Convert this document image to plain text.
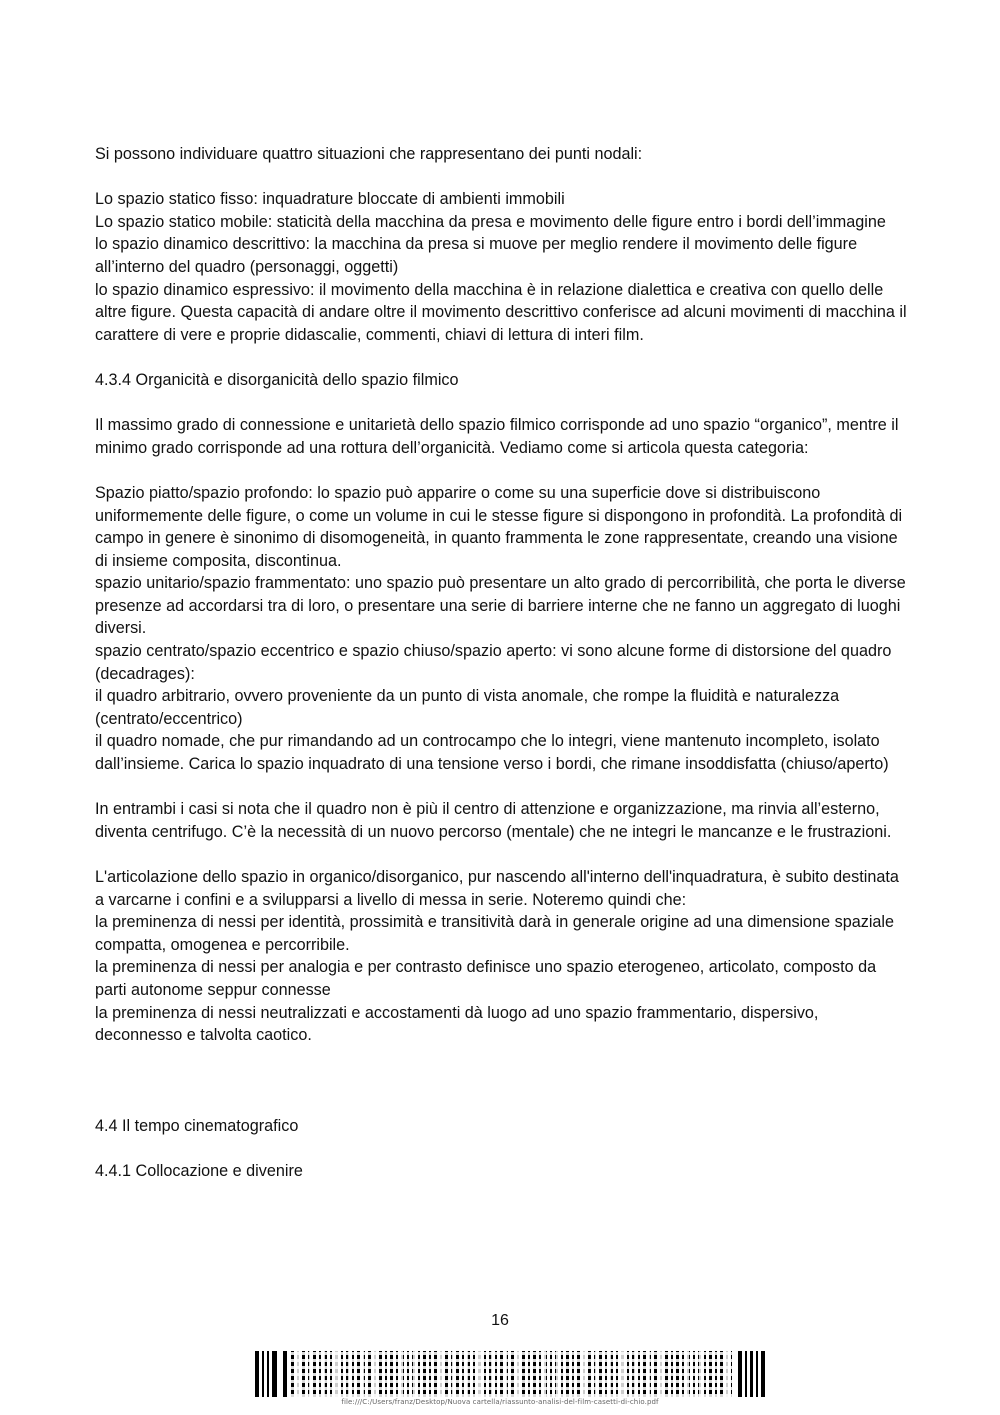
Si possono individuare quattro situazioni che rappresentano dei punti nodali:

Lo spazio statico fisso: inquadrature bloccate di ambienti immobili

Lo spazio statico mobile: staticità della macchina da presa e movimento delle figure entro i bordi dell’immagine

lo spazio dinamico descrittivo: la macchina da presa si muove per meglio rendere il movimento delle figure all’interno del quadro (personaggi, oggetti)

lo spazio dinamico espressivo: il movimento della macchina è in relazione dialettica e creativa con quello delle altre figure. Questa capacità di andare oltre il movimento descrittivo conferisce ad alcuni movimenti di macchina il carattere di vere e proprie didascalie, commenti, chiavi di lettura di interi film.

4.3.4 Organicità e disorganicità dello spazio filmico

Il massimo grado di connessione e unitarietà dello spazio filmico corrisponde ad uno spazio “organico”, mentre il minimo grado corrisponde ad una rottura dell’organicità. Vediamo come si articola questa categoria:

Spazio piatto/spazio profondo: lo spazio può apparire o come su una superficie dove si distribuiscono uniformemente delle figure, o come un volume in cui le stesse figure si dispongono in profondità. La profondità di campo in genere è sinonimo di disomogeneità, in quanto frammenta le zone rappresentate, creando una visione di insieme composita, discontinua.

spazio unitario/spazio frammentato: uno spazio può presentare un alto grado di percorribilità, che porta le diverse presenze ad accordarsi tra di loro, o presentare una serie di barriere interne che ne fanno un aggregato di luoghi diversi.

spazio centrato/spazio eccentrico e spazio chiuso/spazio aperto: vi sono alcune forme di distorsione del quadro (decadrages):

il quadro arbitrario, ovvero proveniente da un punto di vista anomale, che rompe la fluidità e naturalezza (centrato/eccentrico)

il quadro nomade, che pur rimandando ad un controcampo che lo integri, viene mantenuto incompleto, isolato dall’insieme. Carica lo spazio inquadrato di una tensione verso i bordi, che rimane insoddisfatta (chiuso/aperto)

In entrambi i casi si nota che il quadro non è più il centro di attenzione e organizzazione, ma rinvia all’esterno, diventa centrifugo. C’è la necessità di un nuovo percorso (mentale) che ne integri le mancanze e le frustrazioni.

L'articolazione dello spazio in organico/disorganico, pur nascendo all'interno dell'inquadratura, è subito destinata a varcarne i confini e a svilupparsi a livello di messa in serie. Noteremo quindi che:

la preminenza di nessi per identità, prossimità e transitività darà in generale origine ad una dimensione spaziale compatta, omogenea e percorribile.

la preminenza di nessi per analogia e per contrasto definisce uno spazio eterogeneo, articolato, composto da parti autonome seppur connesse

la preminenza di nessi neutralizzati e accostamenti dà luogo ad uno spazio frammentario, dispersivo, deconnesso e talvolta caotico.

4.4 Il tempo cinematografico

4.4.1 Collocazione e divenire

16
file:///C:/Users/franz/Desktop/Nuova cartella/riassunto-analisi-del-film-casetti-di-chio.pdf
